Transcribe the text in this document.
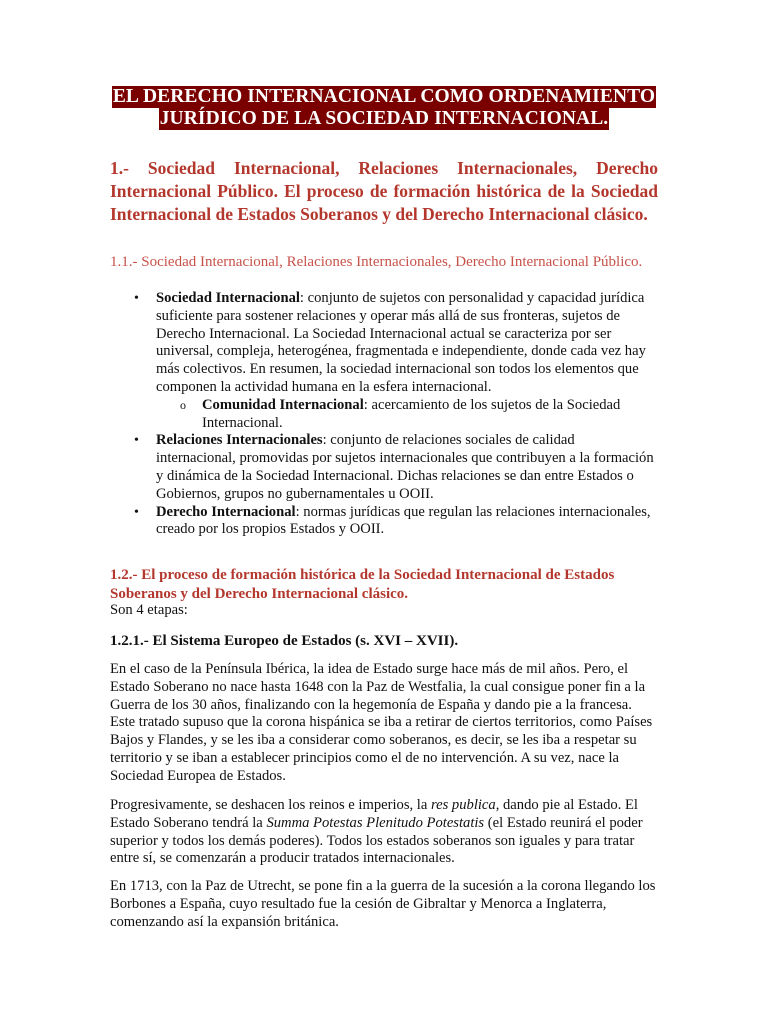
EL DERECHO INTERNACIONAL COMO ORDENAMIENTO
JURÍDICO DE LA SOCIEDAD INTERNACIONAL.

1.- Sociedad Internacional, Relaciones Internacionales, Derecho Internacional Público. El proceso de formación histórica de la Sociedad Internacional de Estados Soberanos y del Derecho Internacional clásico.

1.1.- Sociedad Internacional, Relaciones Internacionales, Derecho Internacional Público.

• Sociedad Internacional: conjunto de sujetos con personalidad y capacidad jurídica suficiente para sostener relaciones y operar más allá de sus fronteras, sujetos de Derecho Internacional. La Sociedad Internacional actual se caracteriza por ser universal, compleja, heterogénea, fragmentada e independiente, donde cada vez hay más colectivos. En resumen, la sociedad internacional son todos los elementos que componen la actividad humana en la esfera internacional.
o Comunidad Internacional: acercamiento de los sujetos de la Sociedad Internacional.
• Relaciones Internacionales: conjunto de relaciones sociales de calidad internacional, promovidas por sujetos internacionales que contribuyen a la formación y dinámica de la Sociedad Internacional. Dichas relaciones se dan entre Estados o Gobiernos, grupos no gubernamentales u OOII.
• Derecho Internacional: normas jurídicas que regulan las relaciones internacionales, creado por los propios Estados y OOII.

1.2.- El proceso de formación histórica de la Sociedad Internacional de Estados Soberanos y del Derecho Internacional clásico.

Son 4 etapas:

1.2.1.- El Sistema Europeo de Estados (s. XVI – XVII).

En el caso de la Península Ibérica, la idea de Estado surge hace más de mil años. Pero, el Estado Soberano no nace hasta 1648 con la Paz de Westfalia, la cual consigue poner fin a la Guerra de los 30 años, finalizando con la hegemonía de España y dando pie a la francesa. Este tratado supuso que la corona hispánica se iba a retirar de ciertos territorios, como Países Bajos y Flandes, y se les iba a considerar como soberanos, es decir, se les iba a respetar su territorio y se iban a establecer principios como el de no intervención. A su vez, nace la Sociedad Europea de Estados.

Progresivamente, se deshacen los reinos e imperios, la res publica, dando pie al Estado. El Estado Soberano tendrá la Summa Potestas Plenitudo Potestatis (el Estado reunirá el poder superior y todos los demás poderes). Todos los estados soberanos son iguales y para tratar entre sí, se comenzarán a producir tratados internacionales.

En 1713, con la Paz de Utrecht, se pone fin a la guerra de la sucesión a la corona llegando los Borbones a España, cuyo resultado fue la cesión de Gibraltar y Menorca a Inglaterra, comenzando así la expansión británica.
